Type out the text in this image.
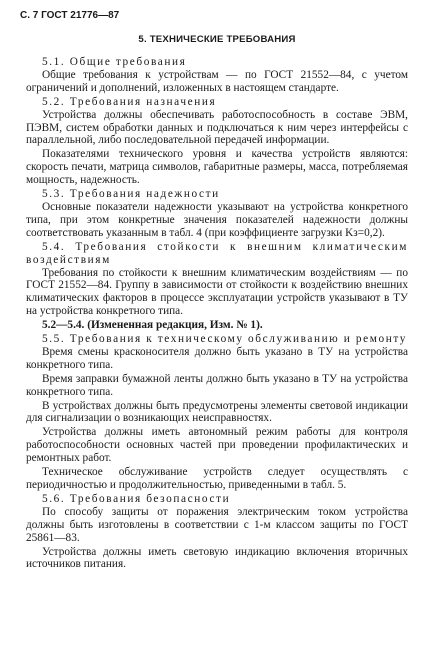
С. 7 ГОСТ 21776—87
5. ТЕХНИЧЕСКИЕ ТРЕБОВАНИЯ
5.1. Общие требования

Общие требования к устройствам — по ГОСТ 21552—84, с учетом ограничений и дополнений, изложенных в настоящем стандарте.

5.2. Требования назначения

Устройства должны обеспечивать работоспособность в составе ЭВМ, ПЭВМ, систем обработки данных и подключаться к ним через интерфейсы с параллельной, либо последовательной передачей информации.

Показателями технического уровня и качества устройств являются: скорость печати, матрица символов, габаритные размеры, масса, потребляемая мощность, надежность.

5.3. Требования надежности

Основные показатели надежности указывают на устройства конкретного типа, при этом конкретные значения показателей надежности должны соответствовать указанным в табл. 4 (при коэффициенте загрузки Kз=0,2).

5.4. Требования стойкости к внешним климатическим воздействиям

Требования по стойкости к внешним климатическим воздействиям — по ГОСТ 21552—84. Группу в зависимости от стойкости к воздействию внешних климатических факторов в процессе эксплуатации устройств указывают в ТУ на устройства конкретного типа.

5.2—5.4. (Измененная редакция, Изм. № 1).

5.5. Требования к техническому обслуживанию и ремонту

Время смены красконосителя должно быть указано в ТУ на устройства конкретного типа.

Время заправки бумажной ленты должно быть указано в ТУ на устройства конкретного типа.

В устройствах должны быть предусмотрены элементы световой индикации для сигнализации о возникающих неисправностях.

Устройства должны иметь автономный режим работы для контроля работоспособности основных частей при проведении профилактических и ремонтных работ.

Техническое обслуживание устройств следует осуществлять с периодичностью и продолжительностью, приведенными в табл. 5.

5.6. Требования безопасности

По способу защиты от поражения электрическим током устройства должны быть изготовлены в соответствии с 1-м классом защиты по ГОСТ 25861—83.

Устройства должны иметь световую индикацию включения вторичных источников питания.
